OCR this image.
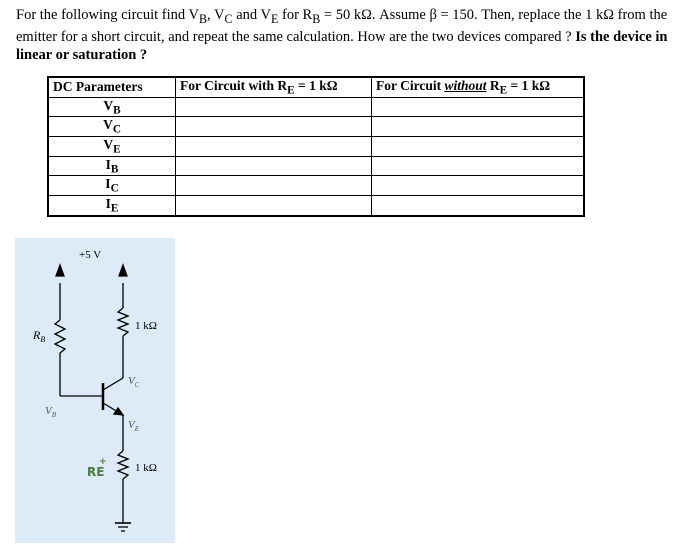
For the following circuit find $V_B$, $V_C$ and $V_E$ for $R_B = 50$ kΩ. Assume β = 150. Then, replace the 1 kΩ from the emitter for a short circuit, and repeat the same calculation. How are the two devices compared ? Is the device in linear or saturation ?
DC Parameters	For Circuit with $R_E = 1$ kΩ	For Circuit without $R_E = 1$ kΩ
$V_B$		
$V_C$		
$V_E$		
$I_B$		
$I_C$		
$I_E$		
+5 V
1 kΩ
1 kΩ
$R_B$
$V_B$
$V_C$
$V_E$
RE
+
